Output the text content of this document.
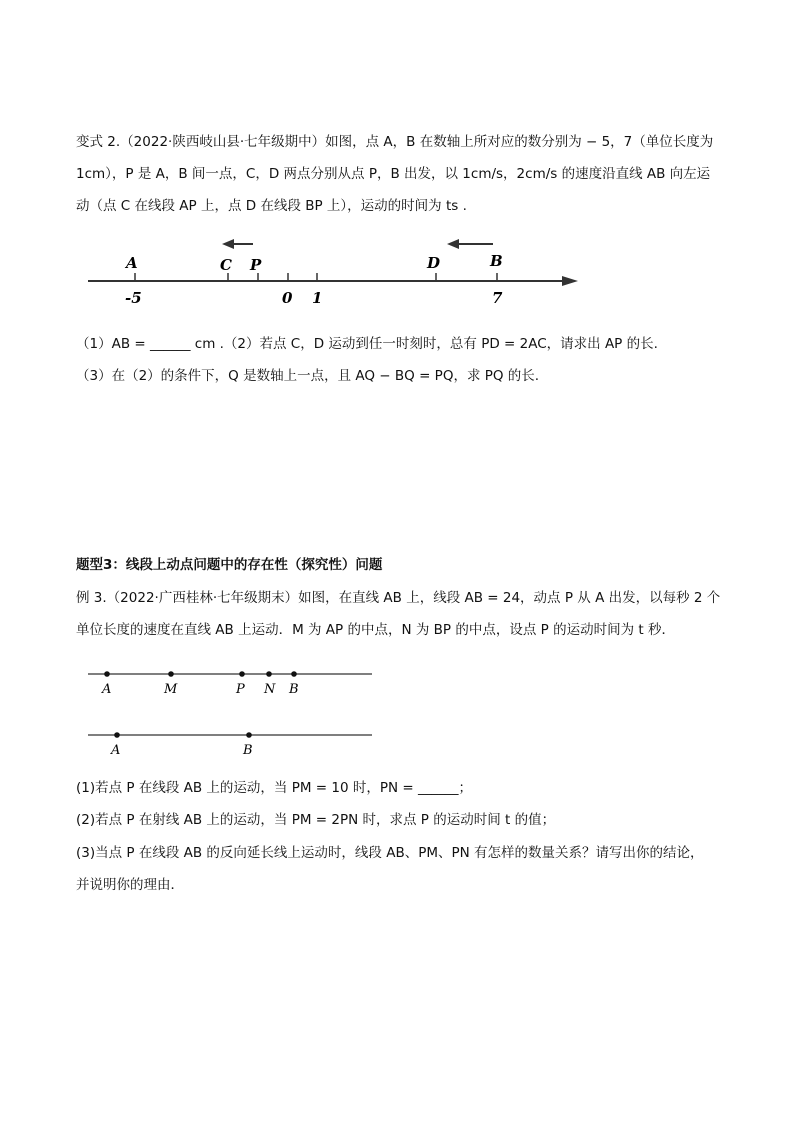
变式 2.（2022·陕西岐山县·七年级期中）如图，点 A，B 在数轴上所对应的数分别为 − 5，7（单位长度为
1cm），P 是 A，B 间一点，C，D 两点分别从点 P，B 出发，以 1cm/s，2cm/s 的速度沿直线 AB 向左运
动（点 C 在线段 AP 上，点 D 在线段 BP 上），运动的时间为 ts .
A	C P	D	B
-5	0 1	7
（1）AB = ______ cm .（2）若点 C，D 运动到任一时刻时，总有 PD = 2AC，请求出 AP 的长.
（3）在（2）的条件下，Q 是数轴上一点，且 AQ − BQ = PQ，求 PQ 的长.
题型3：线段上动点问题中的存在性（探究性）问题
例 3.（2022·广西桂林·七年级期末）如图，在直线 AB 上，线段 AB = 24，动点 P 从 A 出发，以每秒 2 个
单位长度的速度在直线 AB 上运动．M 为 AP 的中点，N 为 BP 的中点，设点 P 的运动时间为 t 秒．
A	M	P N B
A	B
(1)若点 P 在线段 AB 上的运动，当 PM = 10 时，PN = ______；
(2)若点 P 在射线 AB 上的运动，当 PM = 2PN 时，求点 P 的运动时间 t 的值；
(3)当点 P 在线段 AB 的反向延长线上运动时，线段 AB、PM、PN 有怎样的数量关系？请写出你的结论，
并说明你的理由．
